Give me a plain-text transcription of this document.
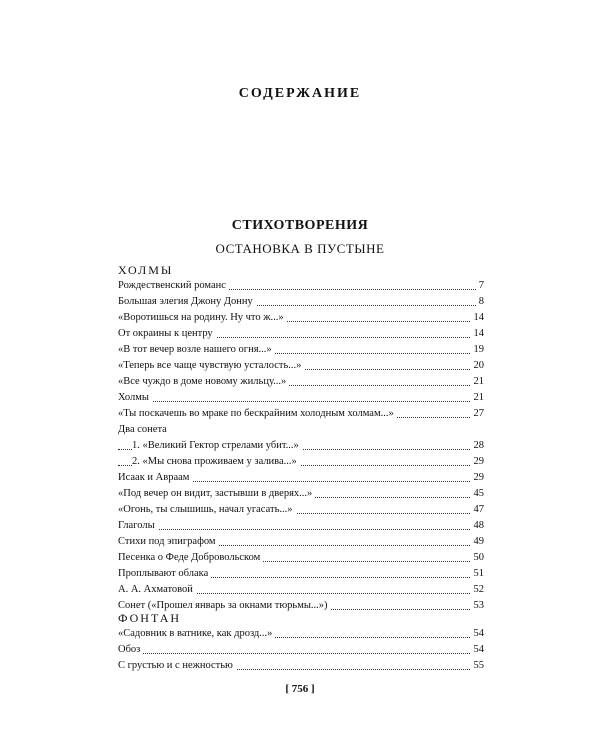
СОДЕРЖАНИЕ
СТИХОТВОРЕНИЯ
ОСТАНОВКА В ПУСТЫНЕ
ХОЛМЫ
Рождественский романс	7
Большая элегия Джону Донну	8
«Воротишься на родину. Ну что ж...»	14
От окраины к центру	14
«В тот вечер возле нашего огня...»	19
«Теперь все чаще чувствую усталость...»	20
«Все чуждо в доме новому жильцу...»	21
Холмы	21
«Ты поскачешь во мраке по бескрайним холодным холмам...»	27
Два сонета
1. «Великий Гектор стрелами убит...»	28
2. «Мы снова проживаем у залива...»	29
Исаак и Авраам	29
«Под вечер он видит, застывши в дверях...»	45
«Огонь, ты слышишь, начал угасать...»	47
Глаголы	48
Стихи под эпиграфом	49
Песенка о Феде Добровольском	50
Проплывают облака	51
А. А. Ахматовой	52
Сонет («Прошел январь за окнами тюрьмы...»)	53
ФОНТАН
«Садовник в ватнике, как дрозд...»	54
Обоз	54
С грустью и с нежностью	55
[ 756 ]
